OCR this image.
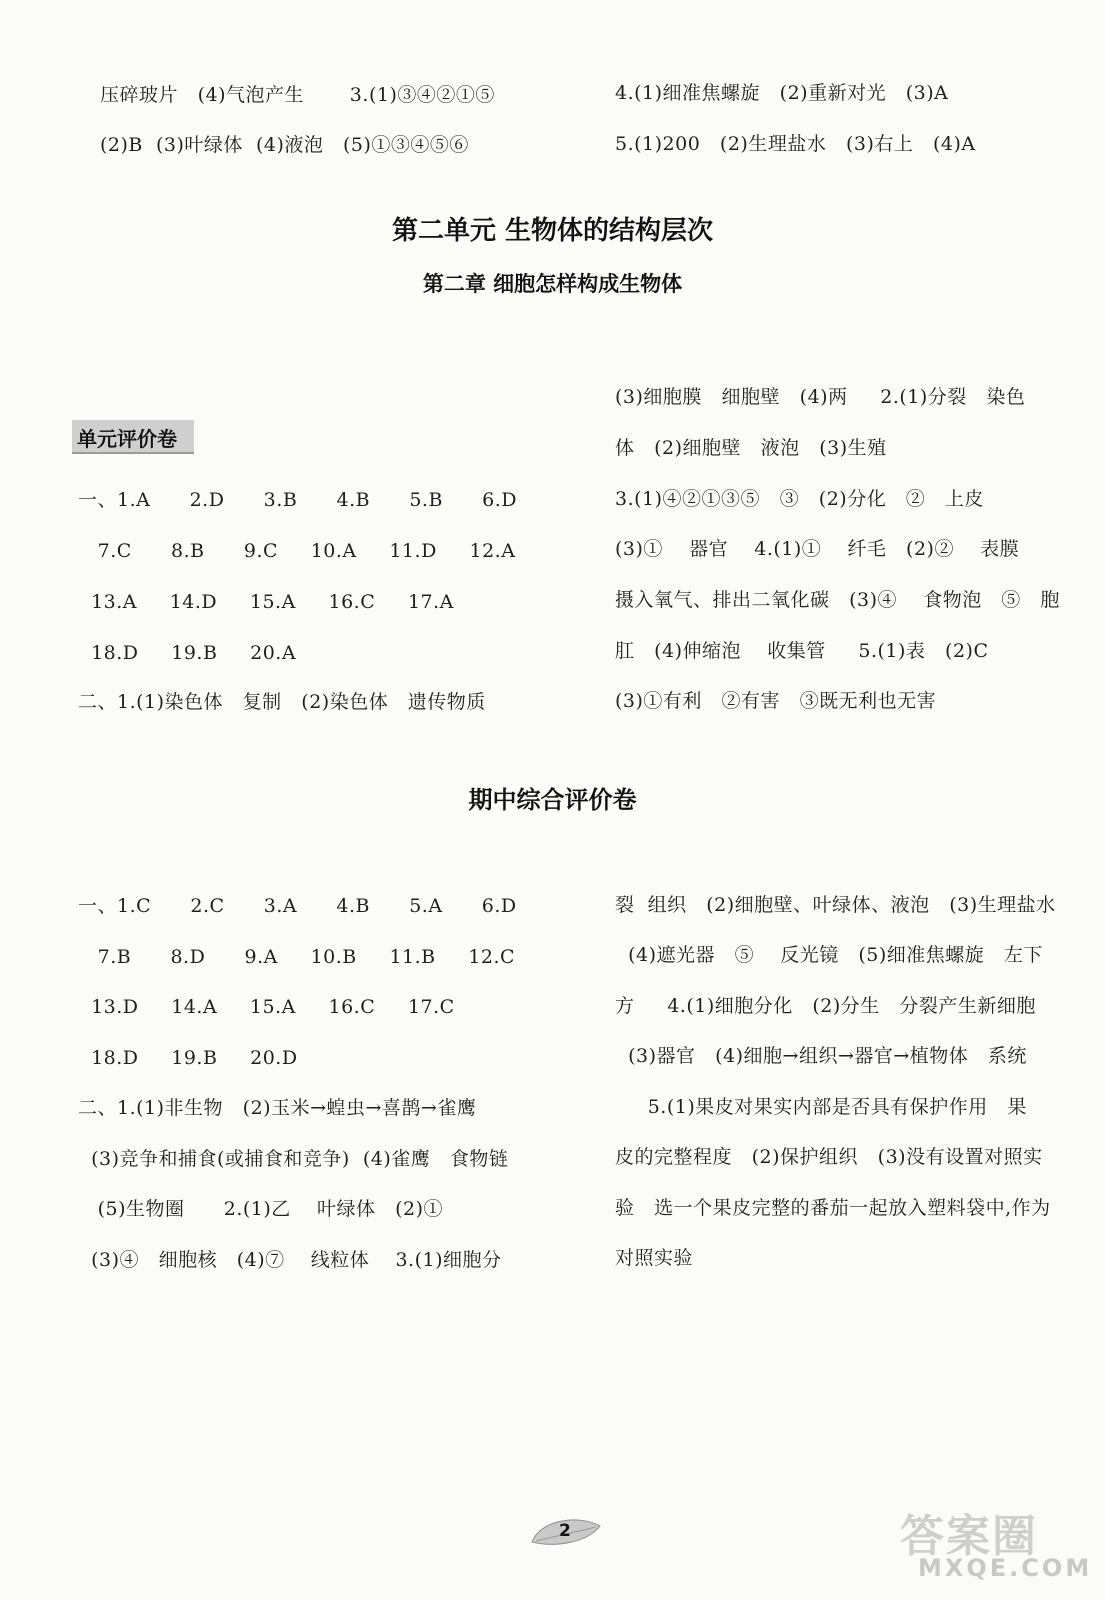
压碎玻片   (4)气泡产生       3.(1)③④②①⑤
(2)B  (3)叶绿体  (4)液泡   (5)①③④⑤⑥
4.(1)细准焦螺旋   (2)重新对光   (3)A
5.(1)200   (2)生理盐水   (3)右上   (4)A
第二单元 生物体的结构层次
第二章 细胞怎样构成生物体
单元评价卷
一、1.A      2.D      3.B      4.B      5.B      6.D
7.C      8.B      9.C     10.A     11.D     12.A
13.A     14.D     15.A     16.C     17.A
18.D     19.B     20.A
二、1.(1)染色体   复制   (2)染色体   遗传物质
(3)细胞膜   细胞壁   (4)两     2.(1)分裂   染色
体   (2)细胞壁   液泡   (3)生殖
3.(1)④②①③⑤   ③   (2)分化   ②   上皮
(3)①    器官    4.(1)①    纤毛   (2)②    表膜
摄入氧气、排出二氧化碳   (3)④    食物泡   ⑤   胞
肛   (4)伸缩泡    收集管     5.(1)表   (2)C
(3)①有利   ②有害   ③既无利也无害
期中综合评价卷
一、1.C      2.C      3.A      4.B      5.A      6.D
7.B      8.D      9.A     10.B     11.B     12.C
13.D     14.A     15.A     16.C     17.C
18.D     19.B     20.D
二、1.(1)非生物   (2)玉米→蝗虫→喜鹊→雀鹰
(3)竞争和捕食(或捕食和竞争)  (4)雀鹰   食物链
(5)生物圈      2.(1)乙    叶绿体   (2)①
(3)④   细胞核   (4)⑦    线粒体    3.(1)细胞分
裂  组织   (2)细胞壁、叶绿体、液泡   (3)生理盐水
(4)遮光器   ⑤    反光镜   (5)细准焦螺旋   左下
方     4.(1)细胞分化   (2)分生   分裂产生新细胞
(3)器官   (4)细胞→组织→器官→植物体   系统
5.(1)果皮对果实内部是否具有保护作用   果
皮的完整程度   (2)保护组织   (3)没有设置对照实
验   选一个果皮完整的番茄一起放入塑料袋中,作为
对照实验
2	答案圈
MXQE.COM
